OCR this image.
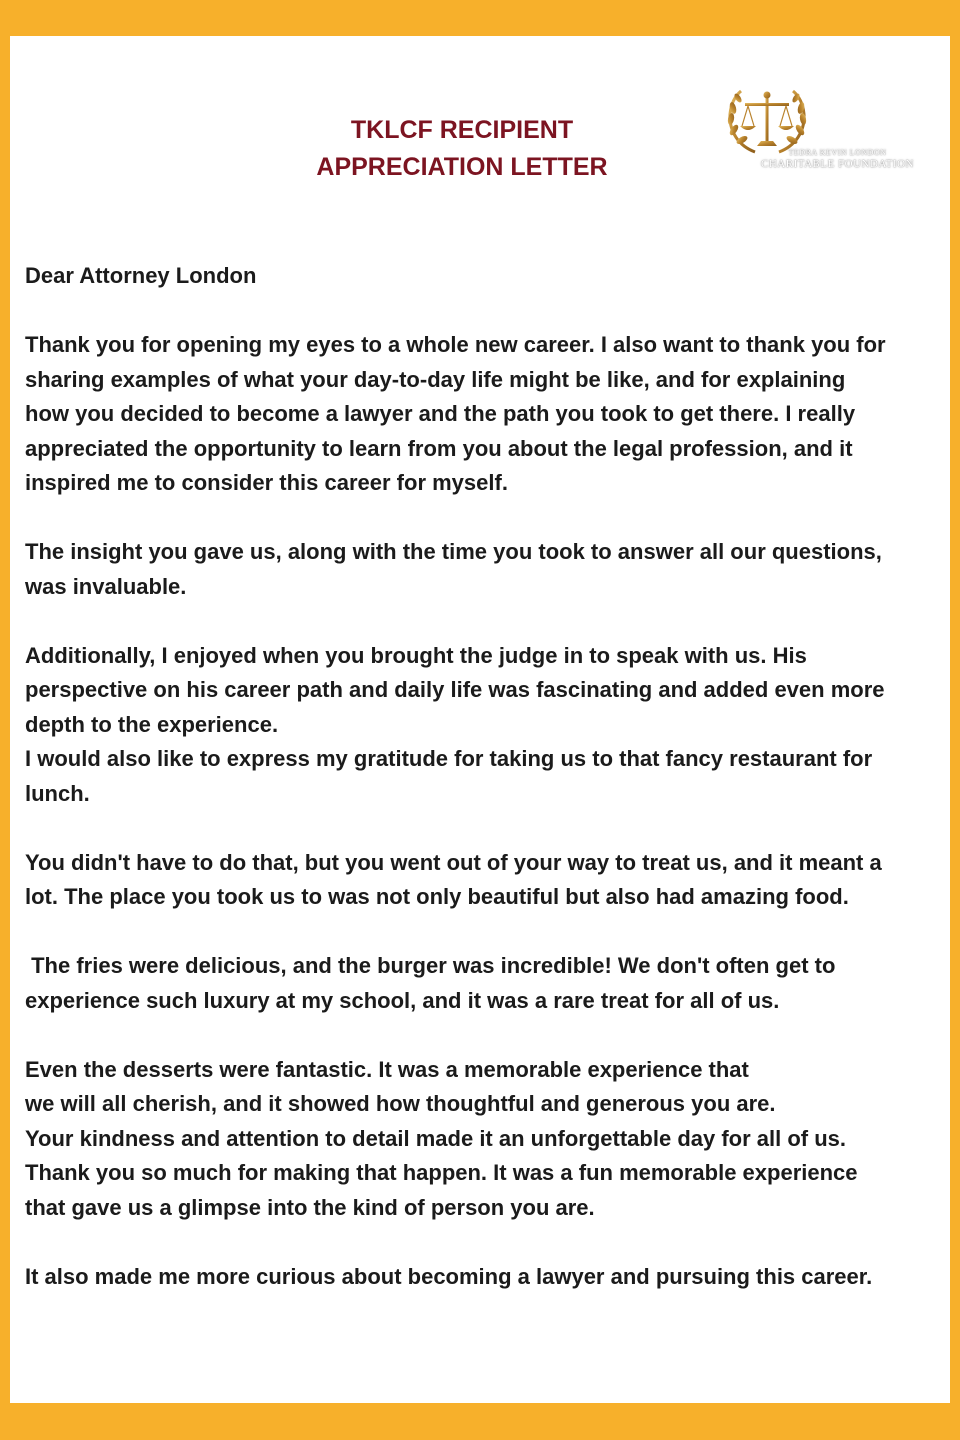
TKLCF RECIPIENT
APPRECIATION LETTER
TEDRA KEVIN LONDON
CHARITABLE FOUNDATION

Dear Attorney London

Thank you for opening my eyes to a whole new career. I also want to thank you for
sharing examples of what your day-to-day life might be like, and for explaining
how you decided to become a lawyer and the path you took to get there. I really
appreciated the opportunity to learn from you about the legal profession, and it
inspired me to consider this career for myself.

The insight you gave us, along with the time you took to answer all our questions,
was invaluable.

Additionally, I enjoyed when you brought the judge in to speak with us. His
perspective on his career path and daily life was fascinating and added even more
depth to the experience.
I would also like to express my gratitude for taking us to that fancy restaurant for
lunch.

You didn't have to do that, but you went out of your way to treat us, and it meant a
lot. The place you took us to was not only beautiful but also had amazing food.

The fries were delicious, and the burger was incredible! We don't often get to
experience such luxury at my school, and it was a rare treat for all of us.

Even the desserts were fantastic. It was a memorable experience that
we will all cherish, and it showed how thoughtful and generous you are.
Your kindness and attention to detail made it an unforgettable day for all of us.
Thank you so much for making that happen. It was a fun memorable experience
that gave us a glimpse into the kind of person you are.

It also made me more curious about becoming a lawyer and pursuing this career.
